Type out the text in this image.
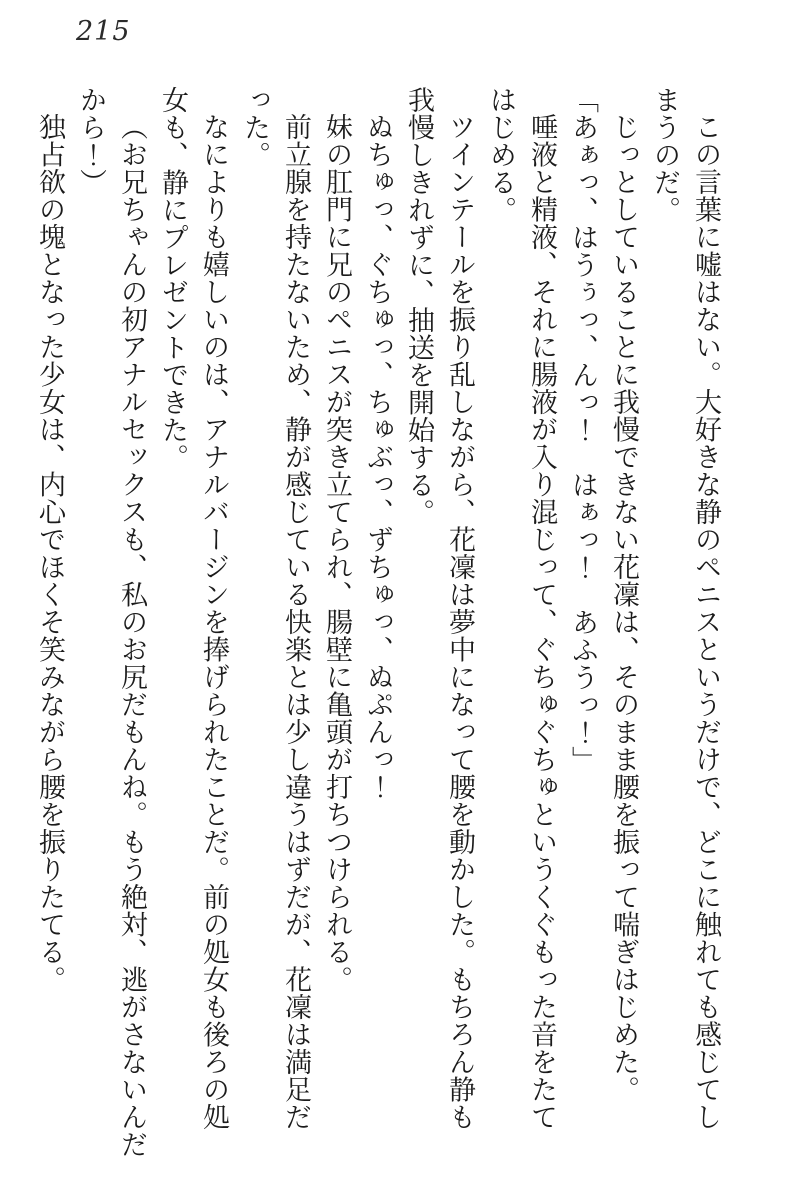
215
この言葉に嘘はない。大好きな静のペニスというだけで、どこに触れても感じてし
まうのだ。
じっとしていることに我慢できない花凜は、そのまま腰を振って喘ぎはじめた。
「あぁっ、はうぅっ、んっ！　はぁっ！　あふうっ！」
唾液と精液、それに腸液が入り混じって、ぐちゅぐちゅというくぐもった音をたて
はじめる。
ツインテールを振り乱しながら、花凜は夢中になって腰を動かした。もちろん静も
我慢しきれずに、抽送を開始する。
ぬちゅっ、ぐちゅっ、ちゅぶっ、ずちゅっ、ぬぷんっ！
妹の肛門に兄のペニスが突き立てられ、腸壁に亀頭が打ちつけられる。
前立腺を持たないため、静が感じている快楽とは少し違うはずだが、花凜は満足だ
った。
なによりも嬉しいのは、アナルバージンを捧げられたことだ。前の処女も後ろの処
女も、静にプレゼントできた。
（お兄ちゃんの初アナルセックスも、私のお尻だもんね。もう絶対、逃がさないんだ
から！）
独占欲の塊となった少女は、内心でほくそ笑みながら腰を振りたてる。
